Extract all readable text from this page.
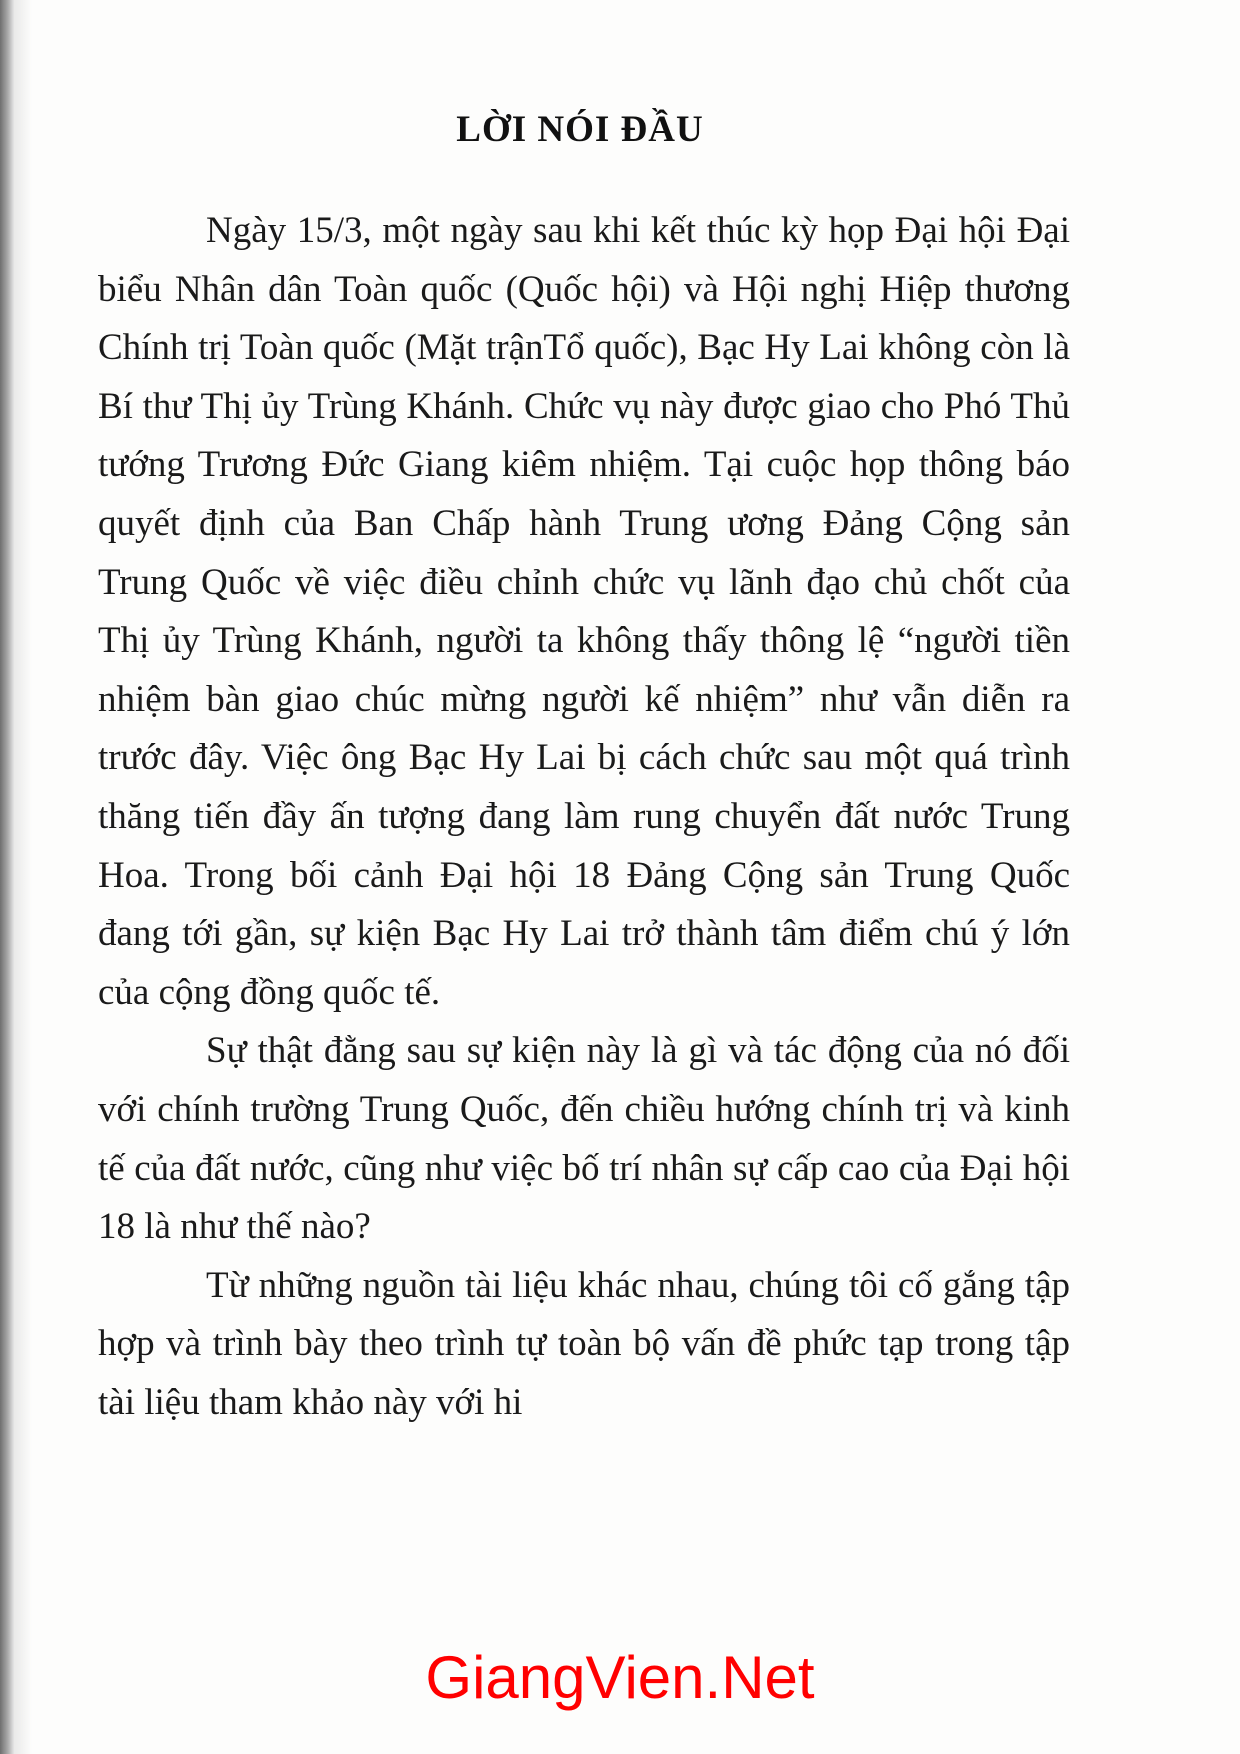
LỜI NÓI ĐẦU

Ngày 15/3, một ngày sau khi kết thúc kỳ họp Đại hội Đại biểu Nhân dân Toàn quốc (Quốc hội) và Hội nghị Hiệp thương Chính trị Toàn quốc (Mặt trậnTổ quốc), Bạc Hy Lai không còn là Bí thư Thị ủy Trùng Khánh. Chức vụ này được giao cho Phó Thủ tướng Trương Đức Giang kiêm nhiệm. Tại cuộc họp thông báo quyết định của Ban Chấp hành Trung ương Đảng Cộng sản Trung Quốc về việc điều chỉnh chức vụ lãnh đạo chủ chốt của Thị ủy Trùng Khánh, người ta không thấy thông lệ “người tiền nhiệm bàn giao chúc mừng người kế nhiệm” như vẫn diễn ra trước đây. Việc ông Bạc Hy Lai bị cách chức sau một quá trình thăng tiến đầy ấn tượng đang làm rung chuyển đất nước Trung Hoa. Trong bối cảnh Đại hội 18 Đảng Cộng sản Trung Quốc đang tới gần, sự kiện Bạc Hy Lai trở thành tâm điểm chú ý lớn của cộng đồng quốc tế.

Sự thật đằng sau sự kiện này là gì và tác động của nó đối với chính trường Trung Quốc, đến chiều hướng chính trị và kinh tế của đất nước, cũng như việc bố trí nhân sự cấp cao của Đại hội 18 là như thế nào?

Từ những nguồn tài liệu khác nhau, chúng tôi cố gắng tập hợp và trình bày theo trình tự toàn bộ vấn đề phức tạp trong tập tài liệu tham khảo này với hi

GiangVien.Net
